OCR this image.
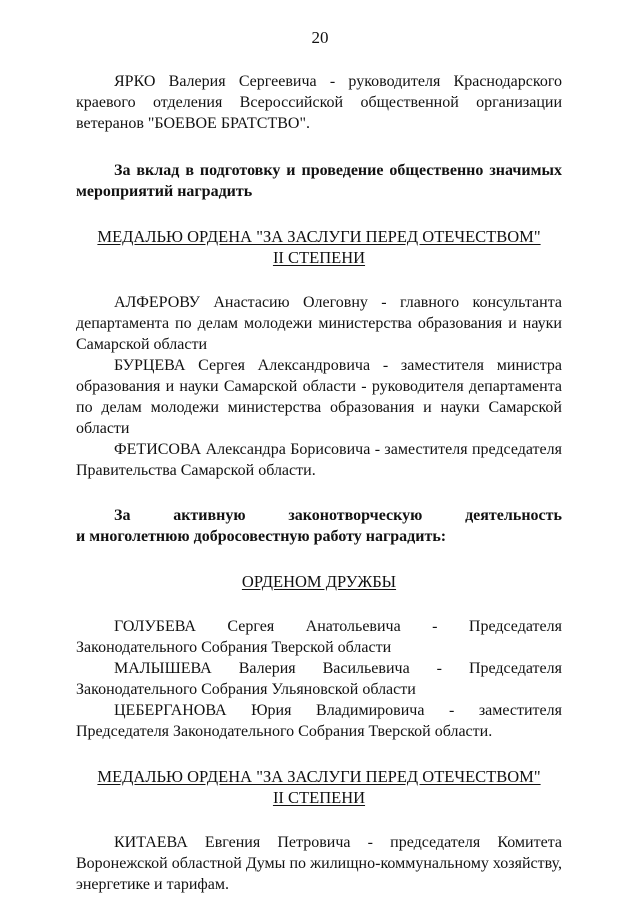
20

ЯРКО Валерия Сергеевича - руководителя Краснодарского краевого отделения Всероссийской общественной организации ветеранов "БОЕВОЕ БРАТСТВО".

За вклад в подготовку и проведение общественно значимых мероприятий наградить

МЕДАЛЬЮ ОРДЕНА "ЗА ЗАСЛУГИ ПЕРЕД ОТЕЧЕСТВОМ"
II СТЕПЕНИ

АЛФЕРОВУ Анастасию Олеговну - главного консультанта департамента по делам молодежи министерства образования и науки Самарской области

БУРЦЕВА Сергея Александровича - заместителя министра образования и науки Самарской области - руководителя департамента по делам молодежи министерства образования и науки Самарской области

ФЕТИСОВА Александра Борисовича - заместителя председателя Правительства Самарской области.

За	активную	законотворческую	деятельность

и многолетнюю добросовестную работу наградить:

ОРДЕНОМ ДРУЖБЫ
ГОЛУБЕВА Сергея Анатольевича - Председателя

Законодательного Собрания Тверской области

МАЛЫШЕВА Валерия Васильевича - Председателя

Законодательного Собрания Ульяновской области

ЦЕБЕРГАНОВА Юрия Владимировича - заместителя

Председателя Законодательного Собрания Тверской области.

МЕДАЛЬЮ ОРДЕНА "ЗА ЗАСЛУГИ ПЕРЕД ОТЕЧЕСТВОМ"
II СТЕПЕНИ

КИТАЕВА Евгения Петровича - председателя Комитета Воронежской областной Думы по жилищно-коммунальному хозяйству, энергетике и тарифам.
